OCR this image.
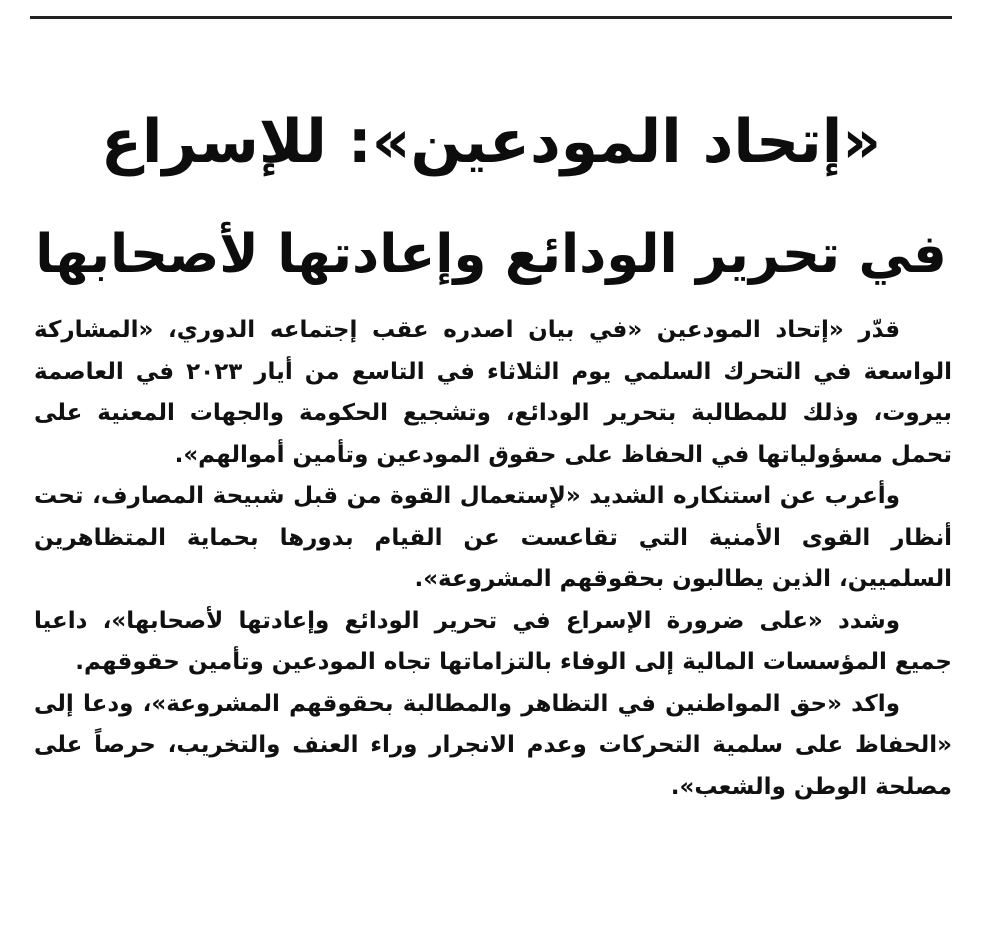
«إتحاد المودعين»: للإسراع
في تحرير الودائع وإعادتها لأصحابها

قدّر «إتحاد المودعين «في بيان اصدره عقب إجتماعه الدوري، «المشاركة الواسعة في التحرك السلمي يوم الثلاثاء في التاسع من أيار ٢٠٢٣ في العاصمة بيروت، وذلك للمطالبة بتحرير الودائع، وتشجيع الحكومة والجهات المعنية على تحمل مسؤولياتها في الحفاظ على حقوق المودعين وتأمين أموالهم».

وأعرب عن استنكاره الشديد «لإستعمال القوة من قبل شبيحة المصارف، تحت أنظار القوى الأمنية التي تقاعست عن القيام بدورها بحماية المتظاهرين السلميين، الذين يطالبون بحقوقهم المشروعة».

وشدد «على ضرورة الإسراع في تحرير الودائع وإعادتها لأصحابها»، داعيا جميع المؤسسات المالية إلى الوفاء بالتزاماتها تجاه المودعين وتأمين حقوقهم.

واكد «حق المواطنين في التظاهر والمطالبة بحقوقهم المشروعة»، ودعا إلى «الحفاظ على سلمية التحركات وعدم الانجرار وراء العنف والتخريب، حرصاً على مصلحة الوطن والشعب».
